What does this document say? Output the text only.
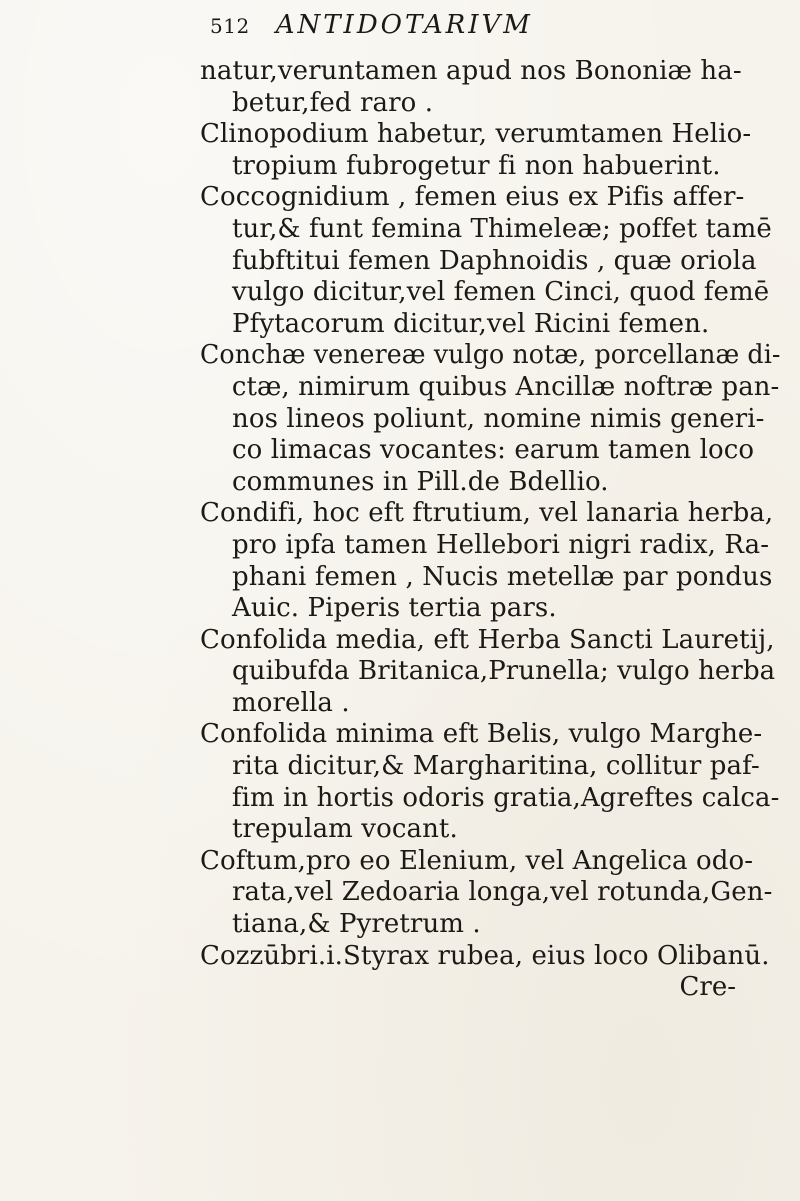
512 ANTIDOTARIVM
natur,veruntamen apud nos Bononiæ ha-
betur,fed raro .
Clinopodium habetur, verumtamen Helio-
tropium fubrogetur fi non habuerint.
Coccognidium , femen eius ex Pifis affer-
tur,& funt femina Thimeleæ; poffet tamē
fubftitui femen Daphnoidis , quæ oriola
vulgo dicitur,vel femen Cinci, quod femē
Pfytacorum dicitur,vel Ricini femen.
Conchæ venereæ vulgo notæ, porcellanæ di-
ctæ, nimirum quibus Ancillæ noftræ pan-
nos lineos poliunt, nomine nimis generi-
co limacas vocantes: earum tamen loco
communes in Pill.de Bdellio.
Condifi, hoc eft ftrutium, vel lanaria herba,
pro ipfa tamen Hellebori nigri radix, Ra-
phani femen , Nucis metellæ par pondus
Auic. Piperis tertia pars.
Confolida media, eft Herba Sancti Lauretij,
quibufda Britanica,Prunella; vulgo herba
morella .
Confolida minima eft Belis, vulgo Marghe-
rita dicitur,& Margharitina, collitur paf-
fim in hortis odoris gratia,Agreftes calca-
trepulam vocant.
Coftum,pro eo Elenium, vel Angelica odo-
rata,vel Zedoaria longa,vel rotunda,Gen-
tiana,& Pyretrum .
Cozzūbri.i.Styrax rubea, eius loco Olibanū.
Cre-
